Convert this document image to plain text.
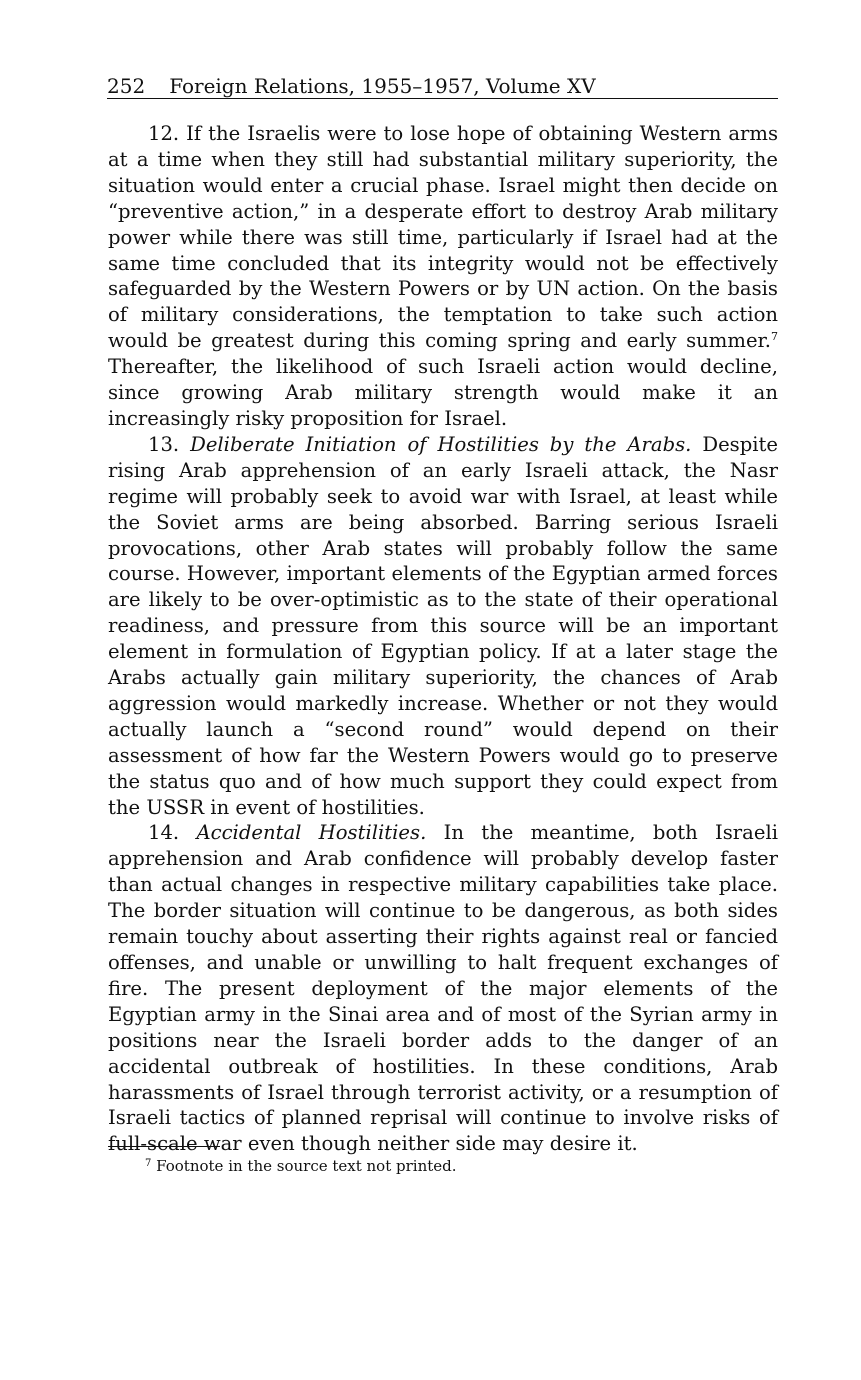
252 Foreign Relations, 1955–1957, Volume XV

12. If the Israelis were to lose hope of obtaining Western arms at a time when they still had substantial military superiority, the situation would enter a crucial phase. Israel might then decide on “preventive action,” in a desperate effort to destroy Arab military power while there was still time, particularly if Israel had at the same time concluded that its integrity would not be effectively safeguarded by the Western Powers or by UN action. On the basis of military considerations, the temptation to take such action would be greatest during this coming spring and early summer.$^7$ Thereafter, the likelihood of such Israeli action would decline, since growing Arab military strength would make it an increasingly risky proposition for Israel.

13. Deliberate Initiation of Hostilities by the Arabs. Despite rising Arab apprehension of an early Israeli attack, the Nasr regime will probably seek to avoid war with Israel, at least while the Soviet arms are being absorbed. Barring serious Israeli provocations, other Arab states will probably follow the same course. However, important elements of the Egyptian armed forces are likely to be over-optimistic as to the state of their operational readiness, and pressure from this source will be an important element in formulation of Egyptian policy. If at a later stage the Arabs actually gain military superiority, the chances of Arab aggression would markedly increase. Whether or not they would actually launch a “second round” would depend on their assessment of how far the Western Powers would go to preserve the status quo and of how much support they could expect from the USSR in event of hostilities.

14. Accidental Hostilities. In the meantime, both Israeli apprehension and Arab confidence will probably develop faster than actual changes in respective military capabilities take place. The border situation will continue to be dangerous, as both sides remain touchy about asserting their rights against real or fancied offenses, and unable or unwilling to halt frequent exchanges of fire. The present deployment of the major elements of the Egyptian army in the Sinai area and of most of the Syrian army in positions near the Israeli border adds to the danger of an accidental outbreak of hostilities. In these conditions, Arab harassments of Israel through terrorist activity, or a resumption of Israeli tactics of planned reprisal will continue to involve risks of full-scale war even though neither side may desire it.

$^7$ Footnote in the source text not printed.
